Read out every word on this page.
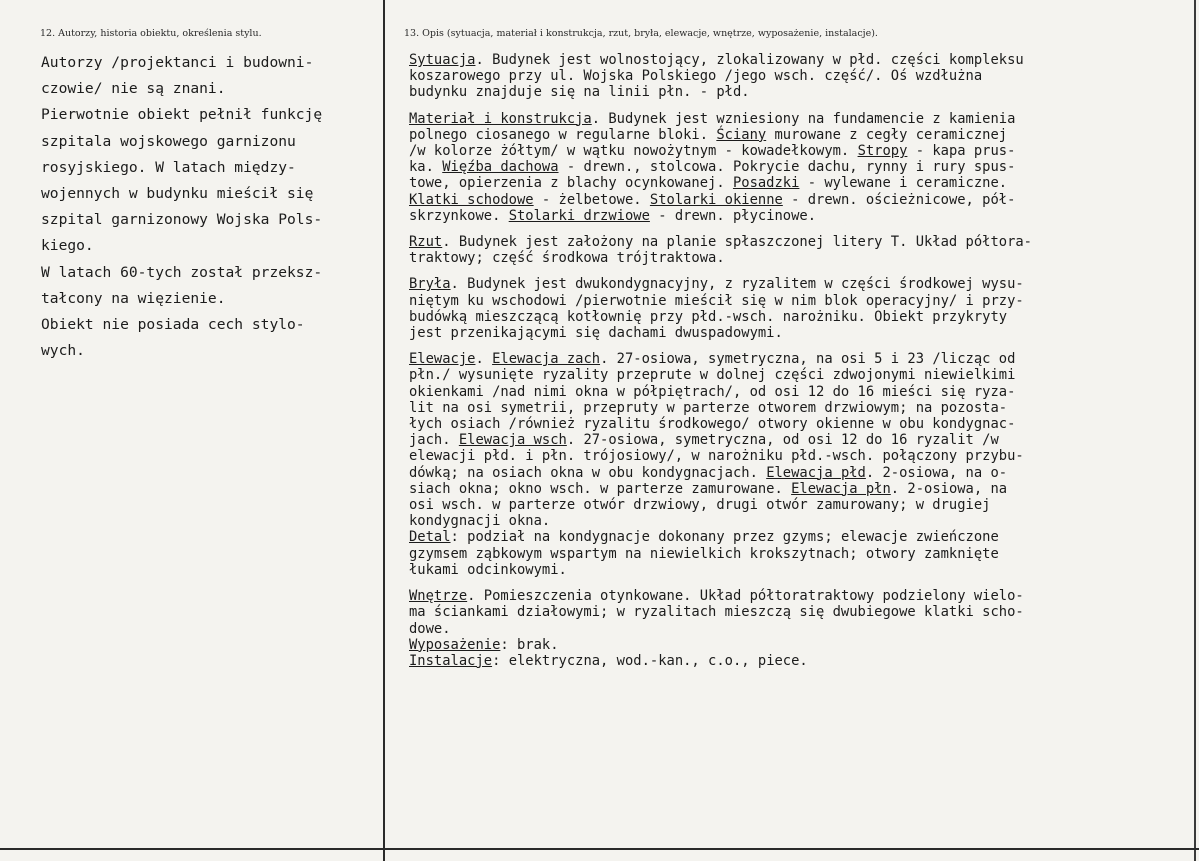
12. Autorzy, historia obiektu, określenia stylu.	13. Opis (sytuacja, materiał i konstrukcja, rzut, bryła, elewacje, wnętrze, wyposażenie, instalacje).

Autorzy /projektanci i budowni-

czowie/ nie są znani.

Pierwotnie obiekt pełnił funkcję

szpitala wojskowego garnizonu

rosyjskiego. W latach między-

wojennych w budynku mieścił się

szpital garnizonowy Wojska Pols-

kiego.

W latach 60-tych został przeksz-

tałcony na więzienie.

Obiekt nie posiada cech stylo-

wych.

Sytuacja. Budynek jest wolnostojący, zlokalizowany w płd. części kompleksu
koszarowego przy ul. Wojska Polskiego /jego wsch. część/. Oś wzdłużna
budynku znajduje się na linii płn. - płd.
Materiał i konstrukcja. Budynek jest wzniesiony na fundamencie z kamienia
polnego ciosanego w regularne bloki. Ściany murowane z cegły ceramicznej
/w kolorze żółtym/ w wątku nowożytnym - kowadełkowym. Stropy - kapa prus-
ka. Więźba dachowa - drewn., stolcowa. Pokrycie dachu, rynny i rury spus-
towe, opierzenia z blachy ocynkowanej. Posadzki - wylewane i ceramiczne.
Klatki schodowe - żelbetowe. Stolarki okienne - drewn. ościeżnicowe, pół-
skrzynkowe. Stolarki drzwiowe - drewn. płycinowe.
Rzut. Budynek jest założony na planie spłaszczonej litery T. Układ półtora-
traktowy; część środkowa trójtraktowa.
Bryła. Budynek jest dwukondygnacyjny, z ryzalitem w części środkowej wysu-
niętym ku wschodowi /pierwotnie mieścił się w nim blok operacyjny/ i przy-
budówką mieszczącą kotłownię przy płd.-wsch. narożniku. Obiekt przykryty
jest przenikającymi się dachami dwuspadowymi.
Elewacje. Elewacja zach. 27-osiowa, symetryczna, na osi 5 i 23 /licząc od
płn./ wysunięte ryzality przeprute w dolnej części zdwojonymi niewielkimi
okienkami /nad nimi okna w półpiętrach/, od osi 12 do 16 mieści się ryza-
lit na osi symetrii, przepruty w parterze otworem drzwiowym; na pozosta-
łych osiach /również ryzalitu środkowego/ otwory okienne w obu kondygnac-
jach. Elewacja wsch. 27-osiowa, symetryczna, od osi 12 do 16 ryzalit /w
elewacji płd. i płn. trójosiowy/, w narożniku płd.-wsch. połączony przybu-
dówką; na osiach okna w obu kondygnacjach. Elewacja płd. 2-osiowa, na o-
siach okna; okno wsch. w parterze zamurowane. Elewacja płn. 2-osiowa, na
osi wsch. w parterze otwór drzwiowy, drugi otwór zamurowany; w drugiej
kondygnacji okna.
Detal: podział na kondygnacje dokonany przez gzyms; elewacje zwieńczone
gzymsem ząbkowym wspartym na niewielkich krokszytnach; otwory zamknięte
łukami odcinkowymi.
Wnętrze. Pomieszczenia otynkowane. Układ półtoratraktowy podzielony wielo-
ma ściankami działowymi; w ryzalitach mieszczą się dwubiegowe klatki scho-
dowe.
Wyposażenie: brak.
Instalacje: elektryczna, wod.-kan., c.o., piece.
